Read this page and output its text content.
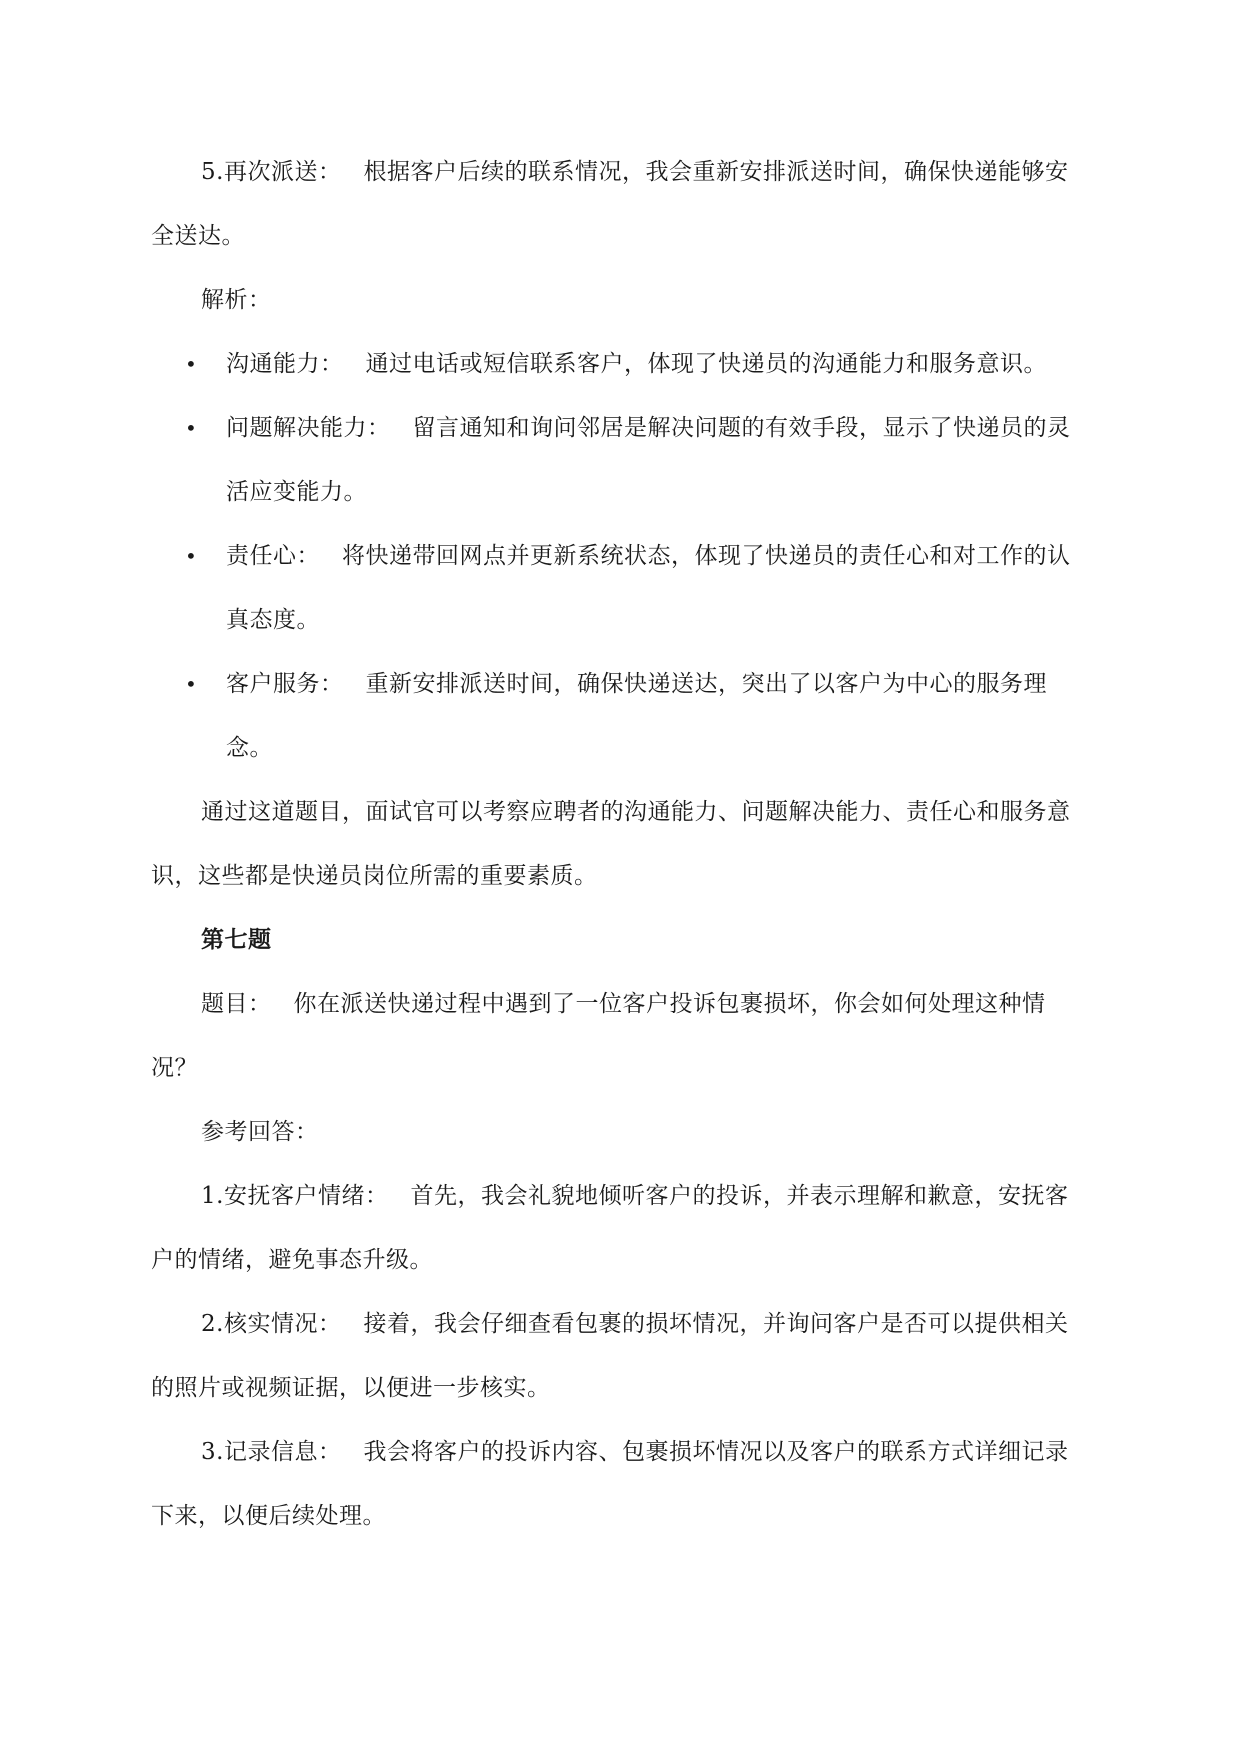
5.再次派送： 根据客户后续的联系情况，我会重新安排派送时间，确保快递能够安全送达。

解析：

• 沟通能力： 通过电话或短信联系客户，体现了快递员的沟通能力和服务意识。
• 问题解决能力： 留言通知和询问邻居是解决问题的有效手段，显示了快递员的灵活应变能力。
• 责任心： 将快递带回网点并更新系统状态，体现了快递员的责任心和对工作的认真态度。
• 客户服务： 重新安排派送时间，确保快递送达，突出了以客户为中心的服务理念。

通过这道题目，面试官可以考察应聘者的沟通能力、问题解决能力、责任心和服务意识，这些都是快递员岗位所需的重要素质。

第七题

题目： 你在派送快递过程中遇到了一位客户投诉包裹损坏，你会如何处理这种情况？

参考回答：

1.安抚客户情绪： 首先，我会礼貌地倾听客户的投诉，并表示理解和歉意，安抚客户的情绪，避免事态升级。

2.核实情况： 接着，我会仔细查看包裹的损坏情况，并询问客户是否可以提供相关的照片或视频证据，以便进一步核实。

3.记录信息： 我会将客户的投诉内容、包裹损坏情况以及客户的联系方式详细记录下来，以便后续处理。
